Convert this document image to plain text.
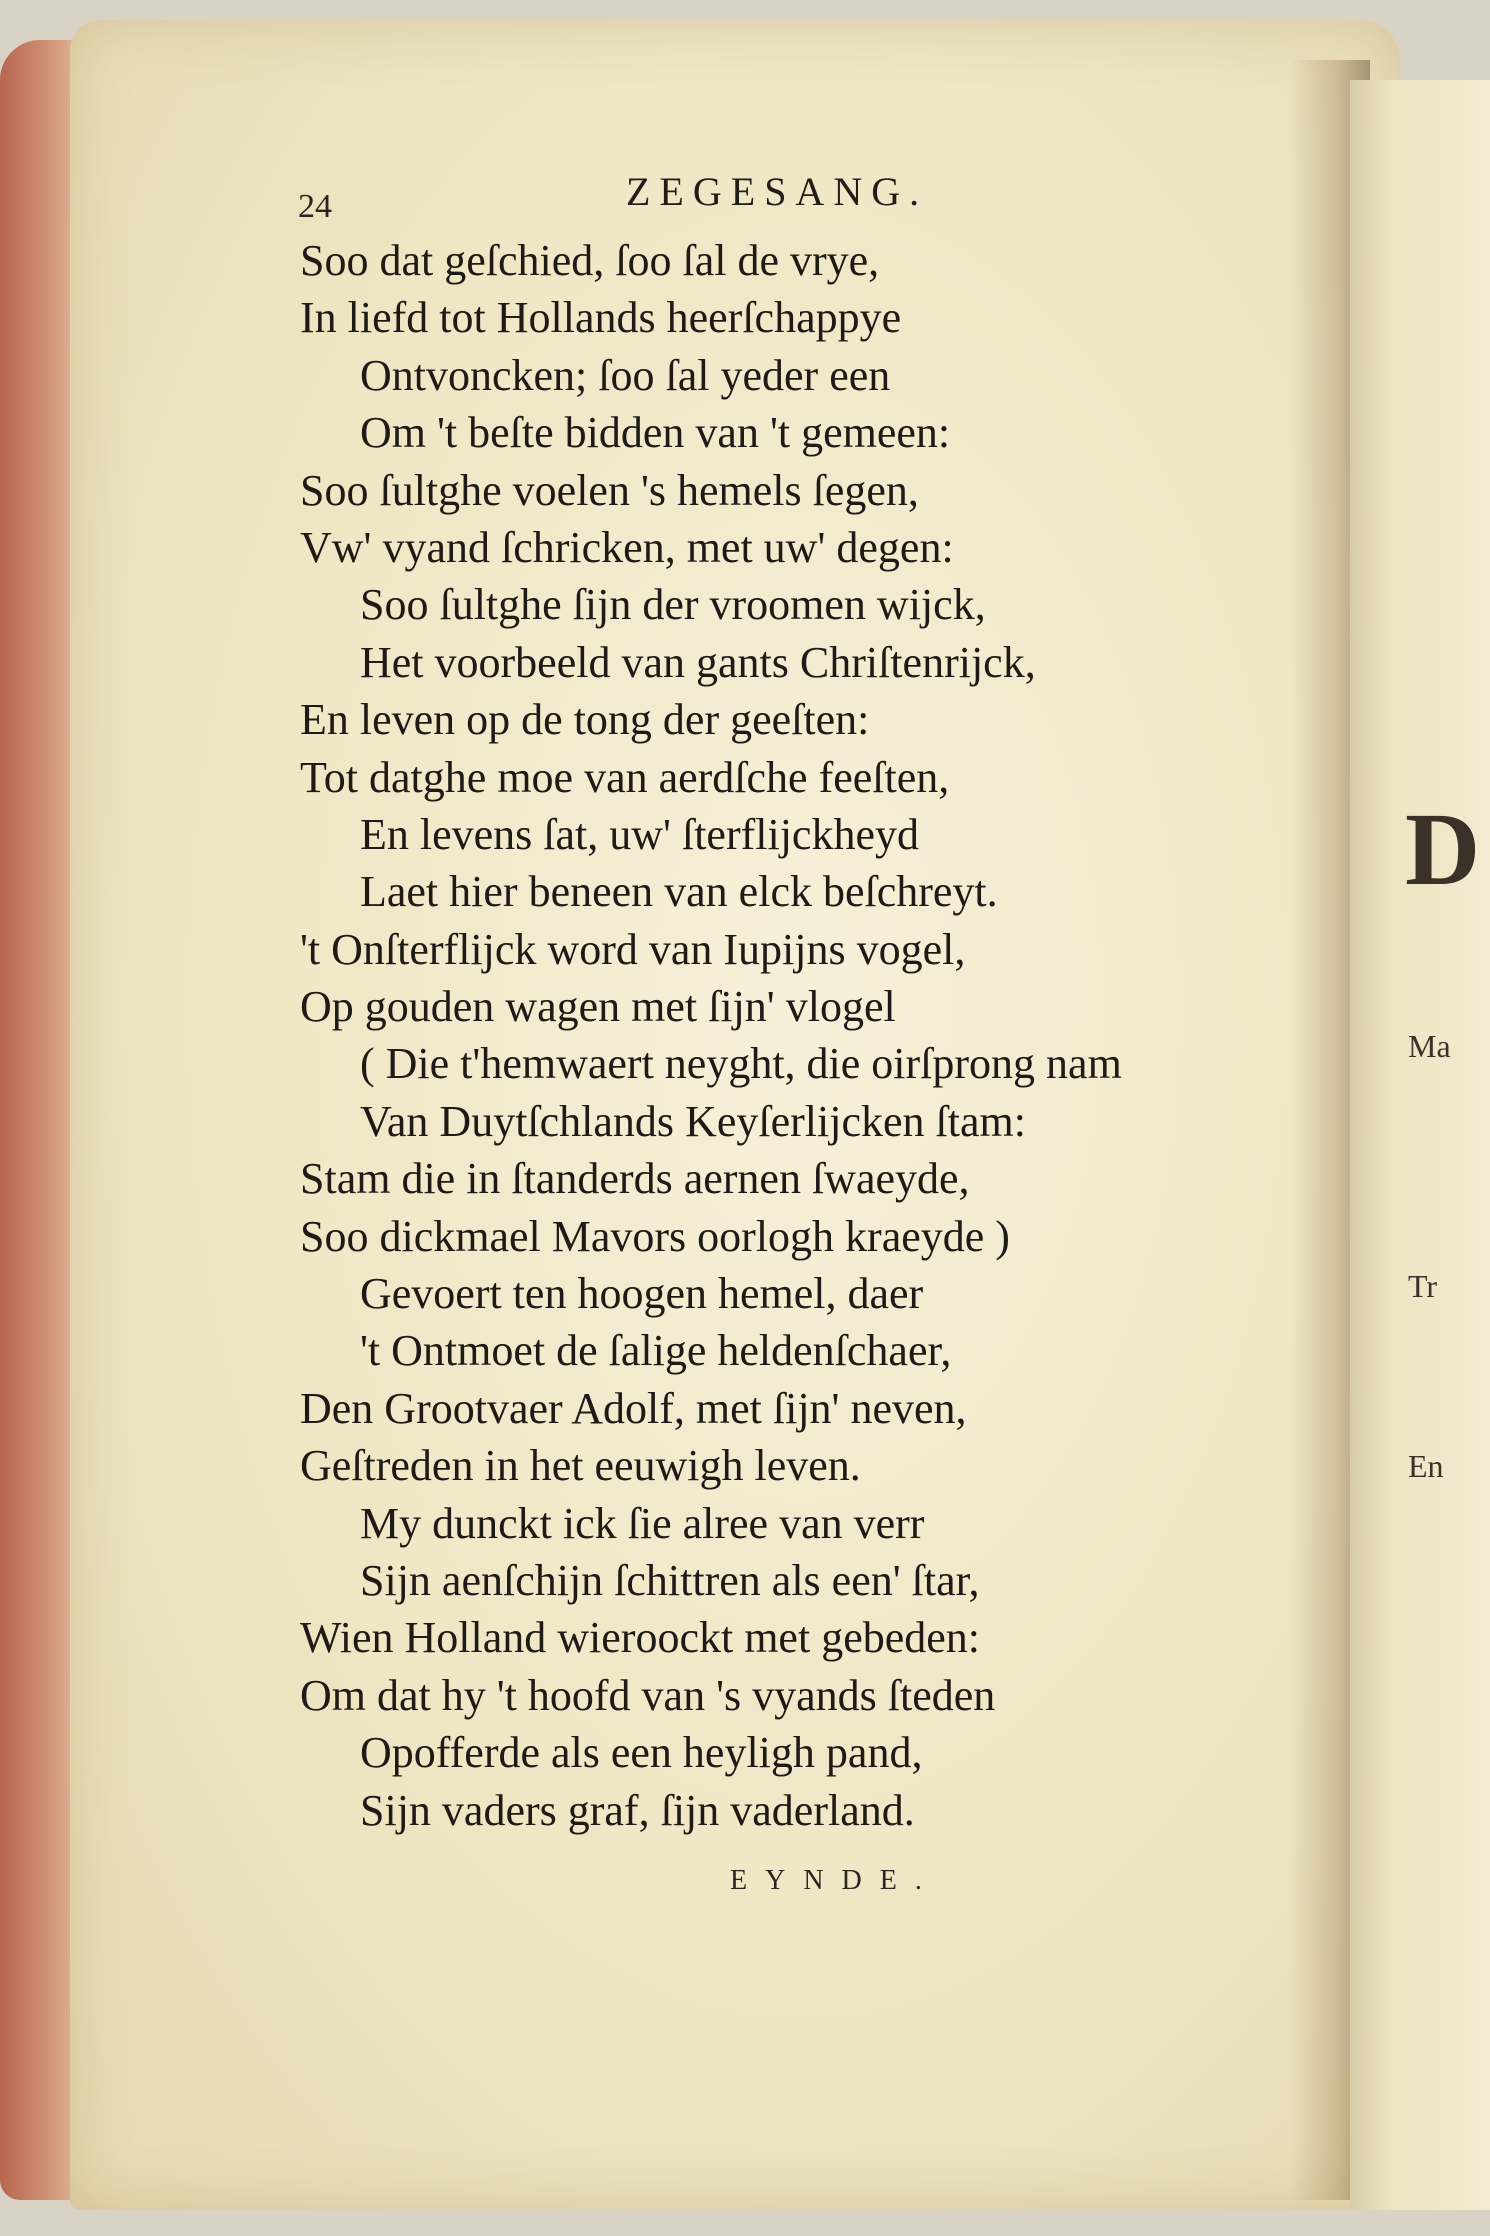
D
Ma
Tr
En
24	ZEGESANG.
Soo dat geſchied, ſoo ſal de vrye,
In liefd tot Hollands heerſchappye
Ontvoncken; ſoo ſal yeder een
Om 't beſte bidden van 't gemeen:
Soo ſultghe voelen 's hemels ſegen,
Vw' vyand ſchricken, met uw' degen:
Soo ſultghe ſijn der vroomen wijck,
Het voorbeeld van gants Chriſtenrijck,
En leven op de tong der geeſten:
Tot datghe moe van aerdſche feeſten,
En levens ſat, uw' ſterflijckheyd
Laet hier beneen van elck beſchreyt.
't Onſterflijck word van Iupijns vogel,
Op gouden wagen met ſijn' vlogel
( Die t'hemwaert neyght, die oirſprong nam
Van Duytſchlands Keyſerlijcken ſtam:
Stam die in ſtanderds aernen ſwaeyde,
Soo dickmael Mavors oorlogh kraeyde )
Gevoert ten hoogen hemel, daer
't Ontmoet de ſalige heldenſchaer,
Den Grootvaer Adolf, met ſijn' neven,
Geſtreden in het eeuwigh leven.
My dunckt ick ſie alree van verr
Sijn aenſchijn ſchittren als een' ſtar,
Wien Holland wieroockt met gebeden:
Om dat hy 't hoofd van 's vyands ſteden
Opofferde als een heyligh pand,
Sijn vaders graf, ſijn vaderland.
EYNDE.
